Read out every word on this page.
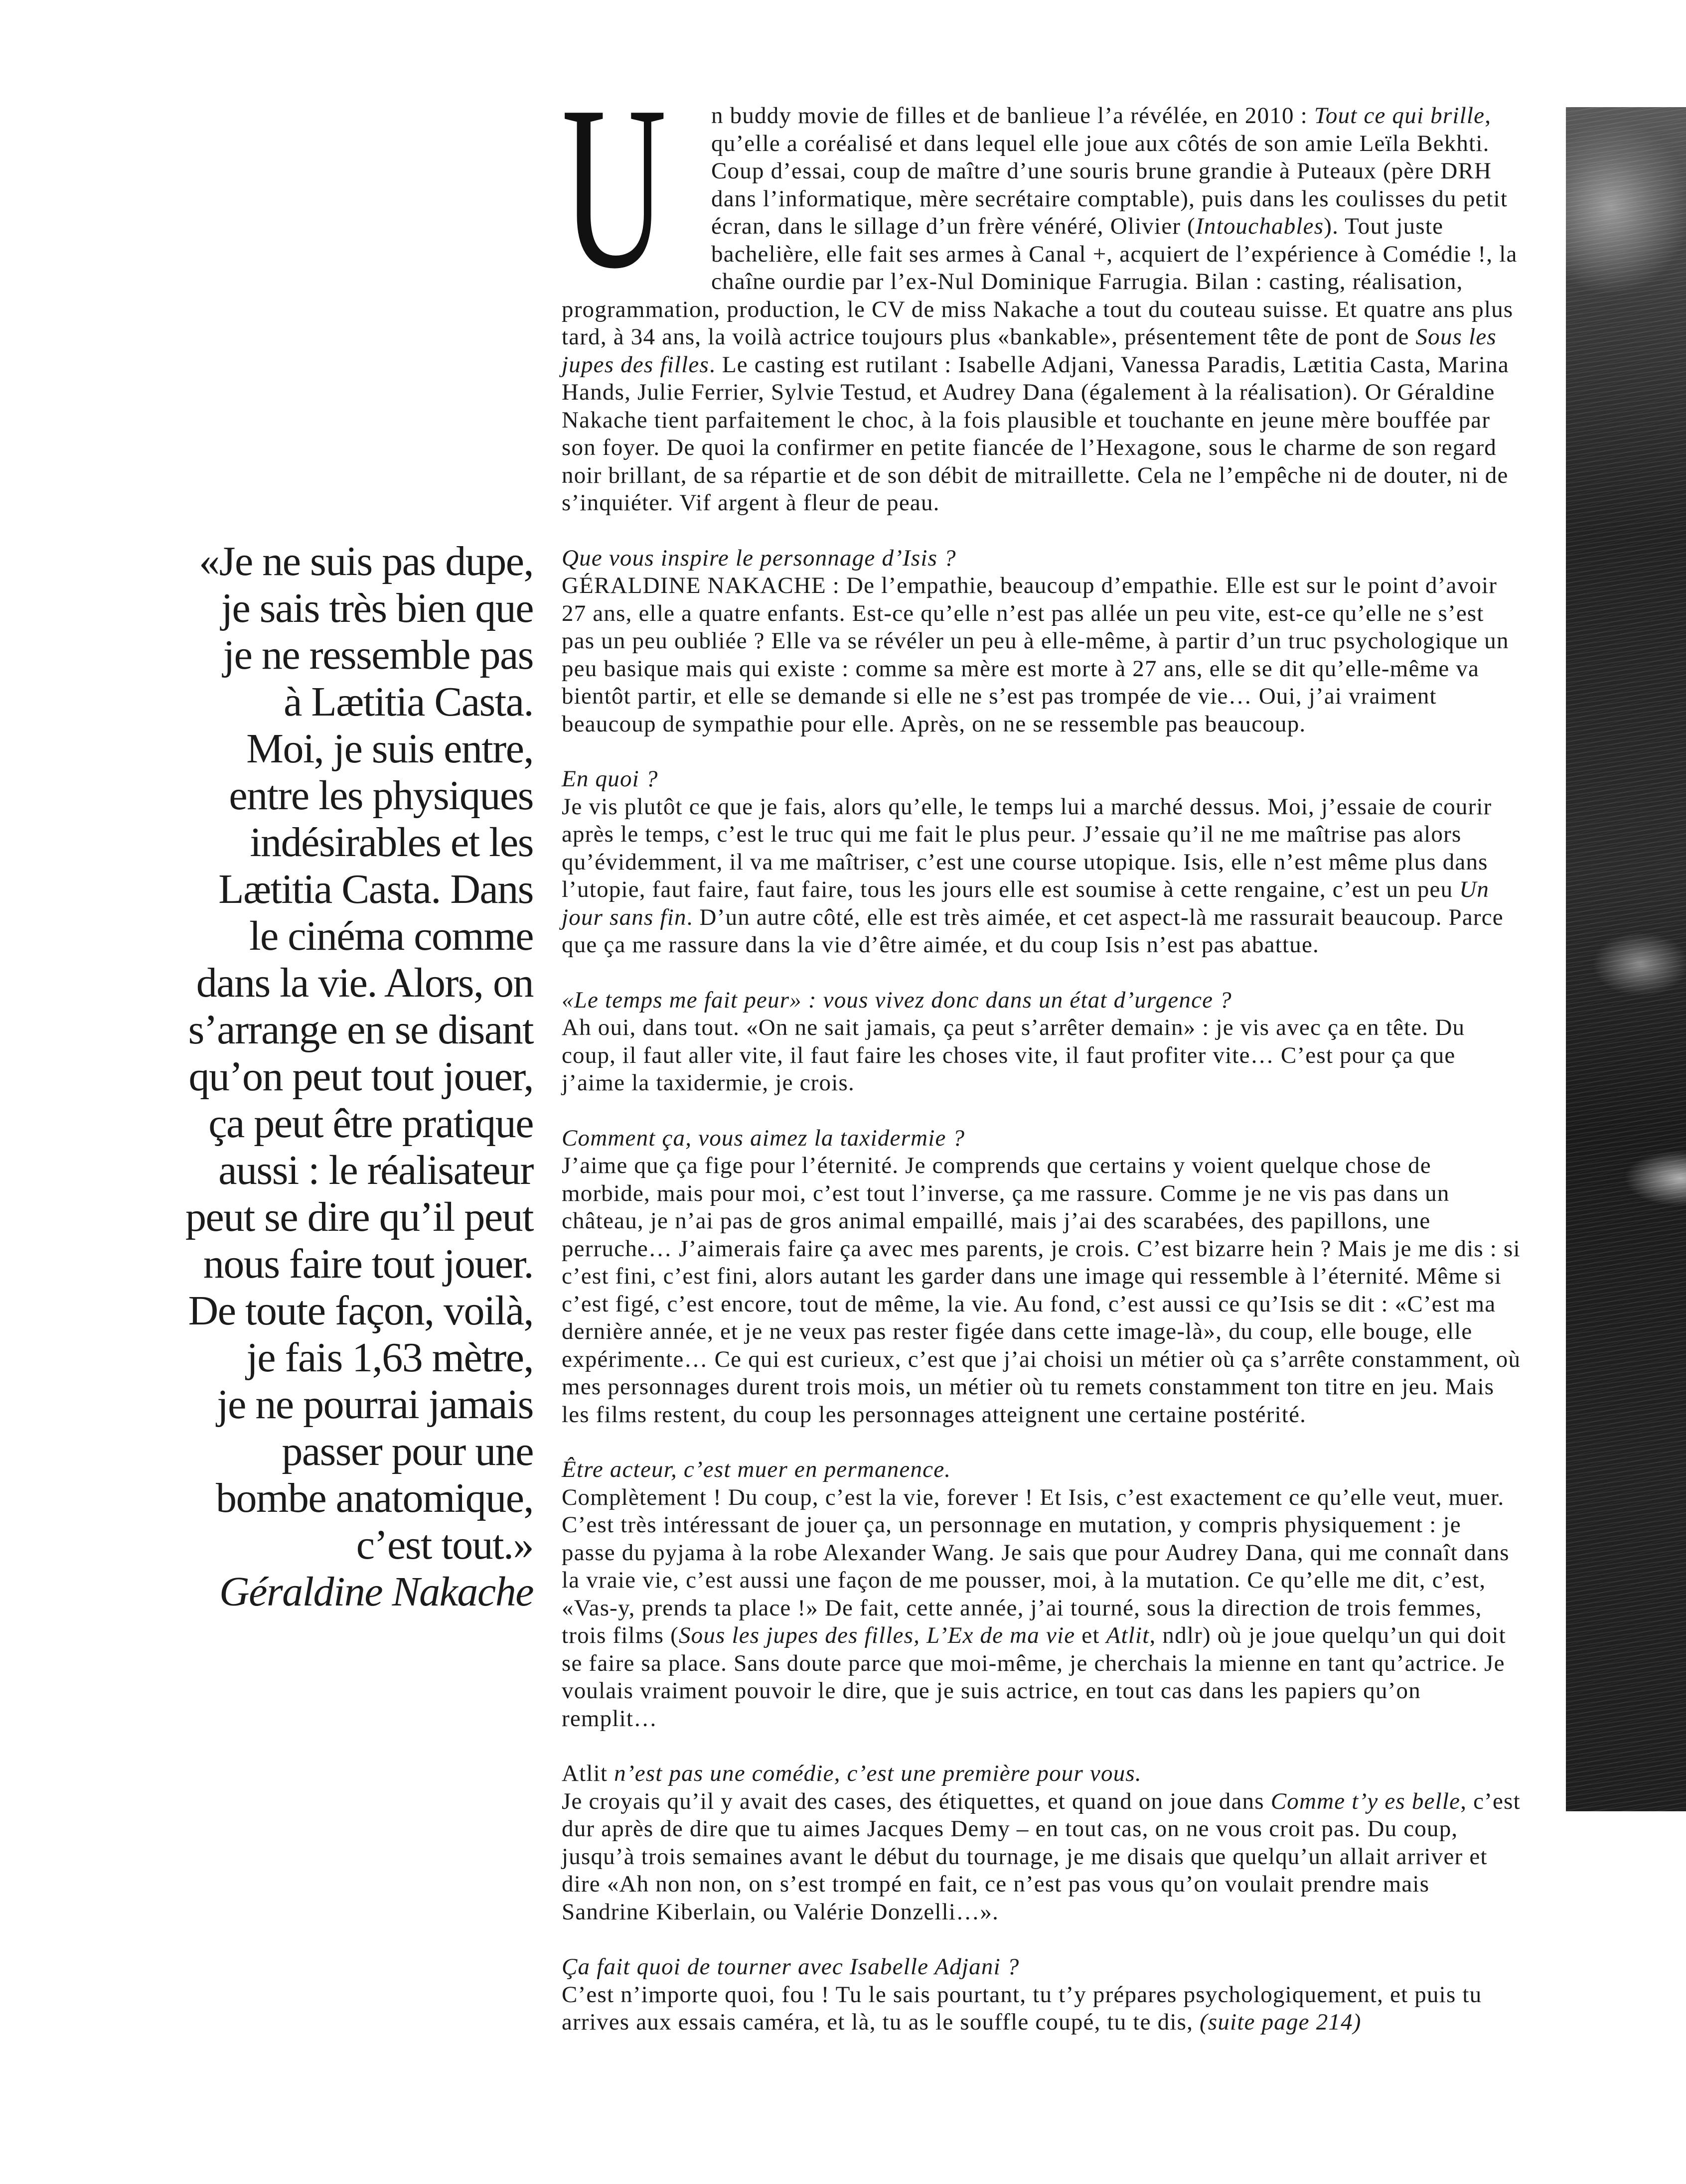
«Je ne suis pas dupe,
je sais très bien que
je ne ressemble pas
à Lætitia Casta.
Moi, je suis entre,
entre les physiques
indésirables et les
Lætitia Casta. Dans
le cinéma comme
dans la vie. Alors, on
s’arrange en se disant
qu’on peut tout jouer,
ça peut être pratique
aussi : le réalisateur
peut se dire qu’il peut
nous faire tout jouer.
De toute façon, voilà,
je fais 1,63 mètre,
je ne pourrai jamais
passer pour une
bombe anatomique,
c’est tout.»
Géraldine Nakache
U	n buddy movie de filles et de banlieue l’a révélée, en 2010 : Tout ce qui brille, qu’elle a coréalisé et dans lequel elle joue aux côtés de son amie Leïla Bekhti. Coup d’essai, coup de maître d’une souris brune grandie à Puteaux (père DRH dans l’informatique, mère secrétaire comptable), puis dans les coulisses du petit écran, dans le sillage d’un frère vénéré, Olivier (Intouchables). Tout juste bachelière, elle fait ses armes à Canal +, acquiert de l’expérience à Comédie !, la chaîne ourdie par l’ex-Nul Dominique Farrugia. Bilan : casting, réalisation, programmation, production, le CV de miss Nakache a tout du couteau suisse. Et quatre ans plus tard, à 34 ans, la voilà actrice toujours plus «bankable», présentement tête de pont de Sous les jupes des filles. Le casting est rutilant : Isabelle Adjani, Vanessa Paradis, Lætitia Casta, Marina Hands, Julie Ferrier, Sylvie Testud, et Audrey Dana (également à la réalisation). Or Géraldine Nakache tient parfaitement le choc, à la fois plausible et touchante en jeune mère bouffée par son foyer. De quoi la confirmer en petite fiancée de l’Hexagone, sous le charme de son regard noir brillant, de sa répartie et de son débit de mitraillette. Cela ne l’empêche ni de douter, ni de s’inquiéter. Vif argent à fleur de peau.

Que vous inspire le personnage d’Isis ?
GÉRALDINE NAKACHE : De l’empathie, beaucoup d’empathie. Elle est sur le point d’avoir 27 ans, elle a quatre enfants. Est-ce qu’elle n’est pas allée un peu vite, est-ce qu’elle ne s’est pas un peu oubliée ? Elle va se révéler un peu à elle-même, à partir d’un truc psychologique un peu basique mais qui existe : comme sa mère est morte à 27 ans, elle se dit qu’elle-même va bientôt partir, et elle se demande si elle ne s’est pas trompée de vie… Oui, j’ai vraiment beaucoup de sympathie pour elle. Après, on ne se ressemble pas beaucoup.
En quoi ?
Je vis plutôt ce que je fais, alors qu’elle, le temps lui a marché dessus. Moi, j’essaie de courir après le temps, c’est le truc qui me fait le plus peur. J’essaie qu’il ne me maîtrise pas alors qu’évidemment, il va me maîtriser, c’est une course utopique. Isis, elle n’est même plus dans l’utopie, faut faire, faut faire, tous les jours elle est soumise à cette rengaine, c’est un peu Un jour sans fin. D’un autre côté, elle est très aimée, et cet aspect-là me rassurait beaucoup. Parce que ça me rassure dans la vie d’être aimée, et du coup Isis n’est pas abattue.
«Le temps me fait peur» : vous vivez donc dans un état d’urgence ?
Ah oui, dans tout. «On ne sait jamais, ça peut s’arrêter demain» : je vis avec ça en tête. Du coup, il faut aller vite, il faut faire les choses vite, il faut profiter vite… C’est pour ça que j’aime la taxidermie, je crois.
Comment ça, vous aimez la taxidermie ?
J’aime que ça fige pour l’éternité. Je comprends que certains y voient quelque chose de morbide, mais pour moi, c’est tout l’inverse, ça me rassure. Comme je ne vis pas dans un château, je n’ai pas de gros animal empaillé, mais j’ai des scarabées, des papillons, une perruche… J’aimerais faire ça avec mes parents, je crois. C’est bizarre hein ? Mais je me dis : si c’est fini, c’est fini, alors autant les garder dans une image qui ressemble à l’éternité. Même si c’est figé, c’est encore, tout de même, la vie. Au fond, c’est aussi ce qu’Isis se dit : «C’est ma dernière année, et je ne veux pas rester figée dans cette image-là», du coup, elle bouge, elle expérimente… Ce qui est curieux, c’est que j’ai choisi un métier où ça s’arrête constamment, où mes personnages durent trois mois, un métier où tu remets constamment ton titre en jeu. Mais les films restent, du coup les personnages atteignent une certaine postérité.
Être acteur, c’est muer en permanence.
Complètement ! Du coup, c’est la vie, forever ! Et Isis, c’est exactement ce qu’elle veut, muer. C’est très intéressant de jouer ça, un personnage en mutation, y compris physiquement : je passe du pyjama à la robe Alexander Wang. Je sais que pour Audrey Dana, qui me connaît dans la vraie vie, c’est aussi une façon de me pousser, moi, à la mutation. Ce qu’elle me dit, c’est, «Vas-y, prends ta place !» De fait, cette année, j’ai tourné, sous la direction de trois femmes, trois films (Sous les jupes des filles, L’Ex de ma vie et Atlit, ndlr) où je joue quelqu’un qui doit se faire sa place. Sans doute parce que moi-même, je cherchais la mienne en tant qu’actrice. Je voulais vraiment pouvoir le dire, que je suis actrice, en tout cas dans les papiers qu’on remplit…
Atlit n’est pas une comédie, c’est une première pour vous.
Je croyais qu’il y avait des cases, des étiquettes, et quand on joue dans Comme t’y es belle, c’est dur après de dire que tu aimes Jacques Demy – en tout cas, on ne vous croit pas. Du coup, jusqu’à trois semaines avant le début du tournage, je me disais que quelqu’un allait arriver et dire «Ah non non, on s’est trompé en fait, ce n’est pas vous qu’on voulait prendre mais Sandrine Kiberlain, ou Valérie Donzelli…».
Ça fait quoi de tourner avec Isabelle Adjani ?
C’est n’importe quoi, fou ! Tu le sais pourtant, tu t’y prépares psychologiquement, et puis tu arrives aux essais caméra, et là, tu as le souffle coupé, tu te dis, (suite page 214)
